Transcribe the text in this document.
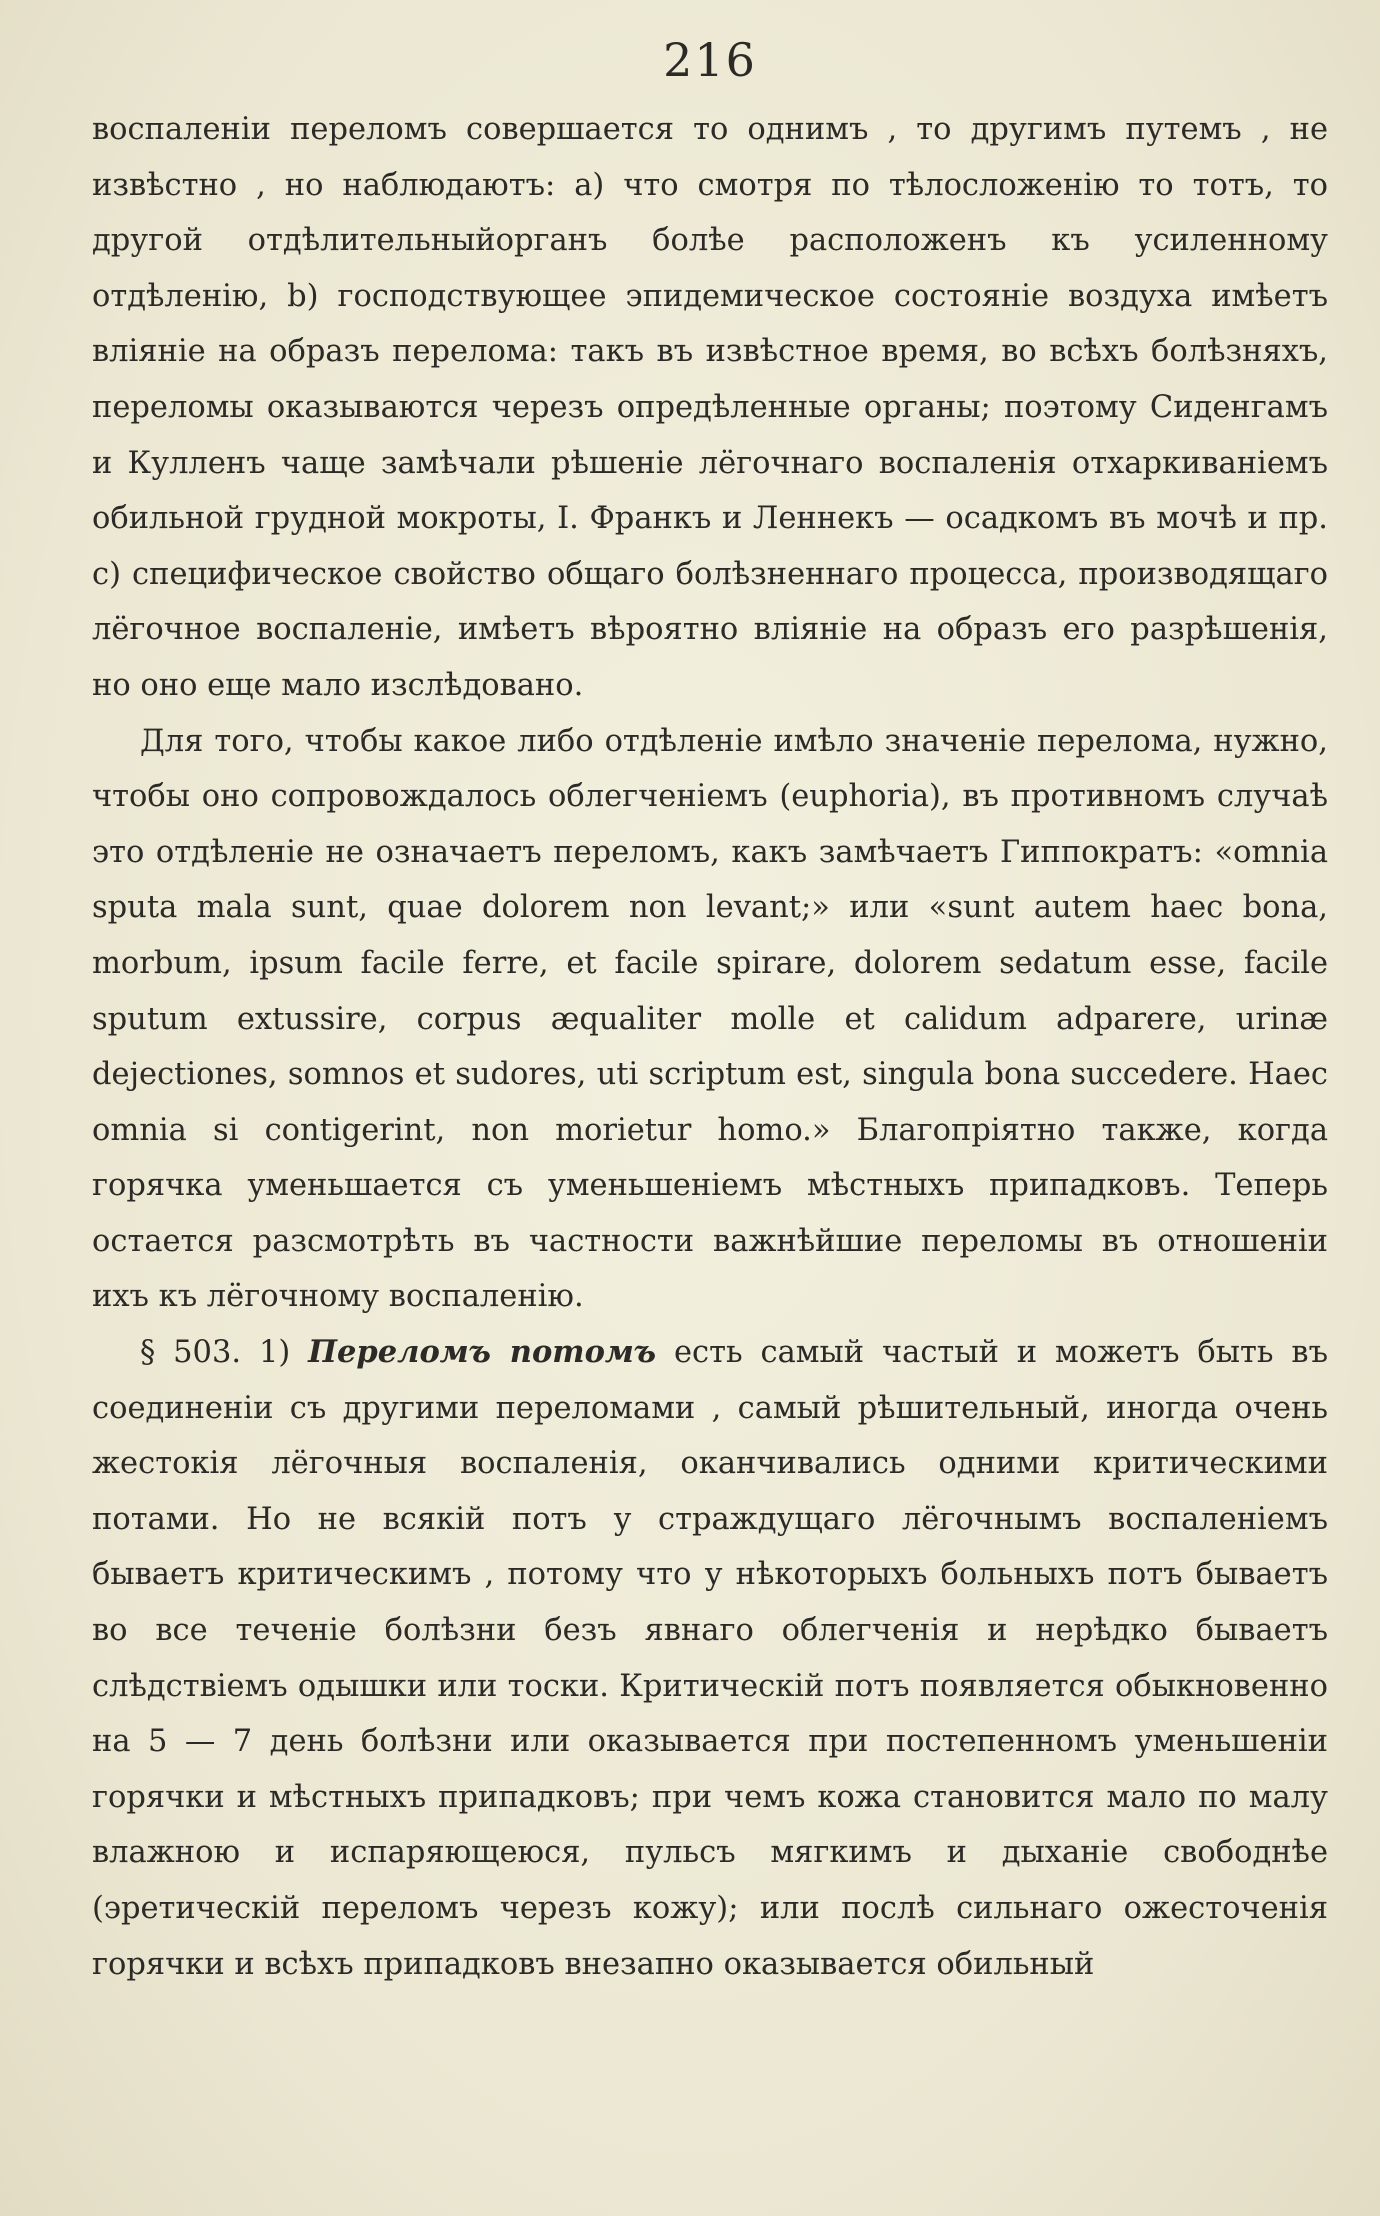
216

воспаленіи переломъ совершается то однимъ , то другимъ путемъ , не извѣстно , но наблюдаютъ: a) что смотря по тѣлосложенію то тотъ, то другой отдѣлительныйорганъ болѣе расположенъ къ усиленному отдѣленію, b) господствующее эпидемическое состояніе воздуха имѣетъ вліяніе на образъ перелома: такъ въ извѣстное время, во всѣхъ болѣзняхъ, переломы оказываются черезъ опредѣленные органы; поэтому Сиденгамъ и Кулленъ чаще замѣчали рѣшеніе лёгочнаго воспаленія отхаркиваніемъ обильной грудной мокроты, I. Франкъ и Леннекъ — осадкомъ въ мочѣ и пр. c) специфическое свойство общаго болѣзненнаго процесса, производящаго лёгочное воспаленіе, имѣетъ вѣроятно вліяніе на образъ его разрѣшенія, но оно еще мало изслѣдовано.

Для того, чтобы какое либо отдѣленіе имѣло значеніе перелома, нужно, чтобы оно сопровождалось облегченіемъ (euphoria), въ противномъ случаѣ это отдѣленіе не означаетъ переломъ, какъ замѣчаетъ Гиппократъ: «omnia sputa mala sunt, quae dolorem non levant;» или «sunt autem haec bona, morbum, ipsum facile ferre, et facile spirare, dolorem sedatum esse, facile sputum extussire, corpus æqualiter molle et calidum adparere, urinæ dejectiones, somnos et sudores, uti scriptum est, singula bona succedere. Haec omnia si contigerint, non morietur homo.» Благопріятно также, когда горячка уменьшается съ уменьшеніемъ мѣстныхъ припадковъ. Теперь остается разсмотрѣть въ частности важнѣйшие переломы въ отношеніи ихъ къ лёгочному воспаленію.

§ 503. 1) Переломъ потомъ есть самый частый и можетъ быть въ соединеніи съ другими переломами , самый рѣшительный, иногда очень жестокія лёгочныя воспаленія, оканчивались одними критическими потами. Но не всякій потъ у страждущаго лёгочнымъ воспаленіемъ бываетъ критическимъ , потому что у нѣкоторыхъ больныхъ потъ бываетъ во все теченіе болѣзни безъ явнаго облегченія и нерѣдко бываетъ слѣдствіемъ одышки или тоски. Критическій потъ появляется обыкновенно на 5 — 7 день болѣзни или оказывается при постепенномъ уменьшеніи горячки и мѣстныхъ припадковъ; при чемъ кожа становится мало по малу влажною и испаряющеюся, пульсъ мягкимъ и дыханіе свободнѣе (эретическій переломъ черезъ кожу); или послѣ сильнаго ожесточенія горячки и всѣхъ припадковъ внезапно оказывается обильный
